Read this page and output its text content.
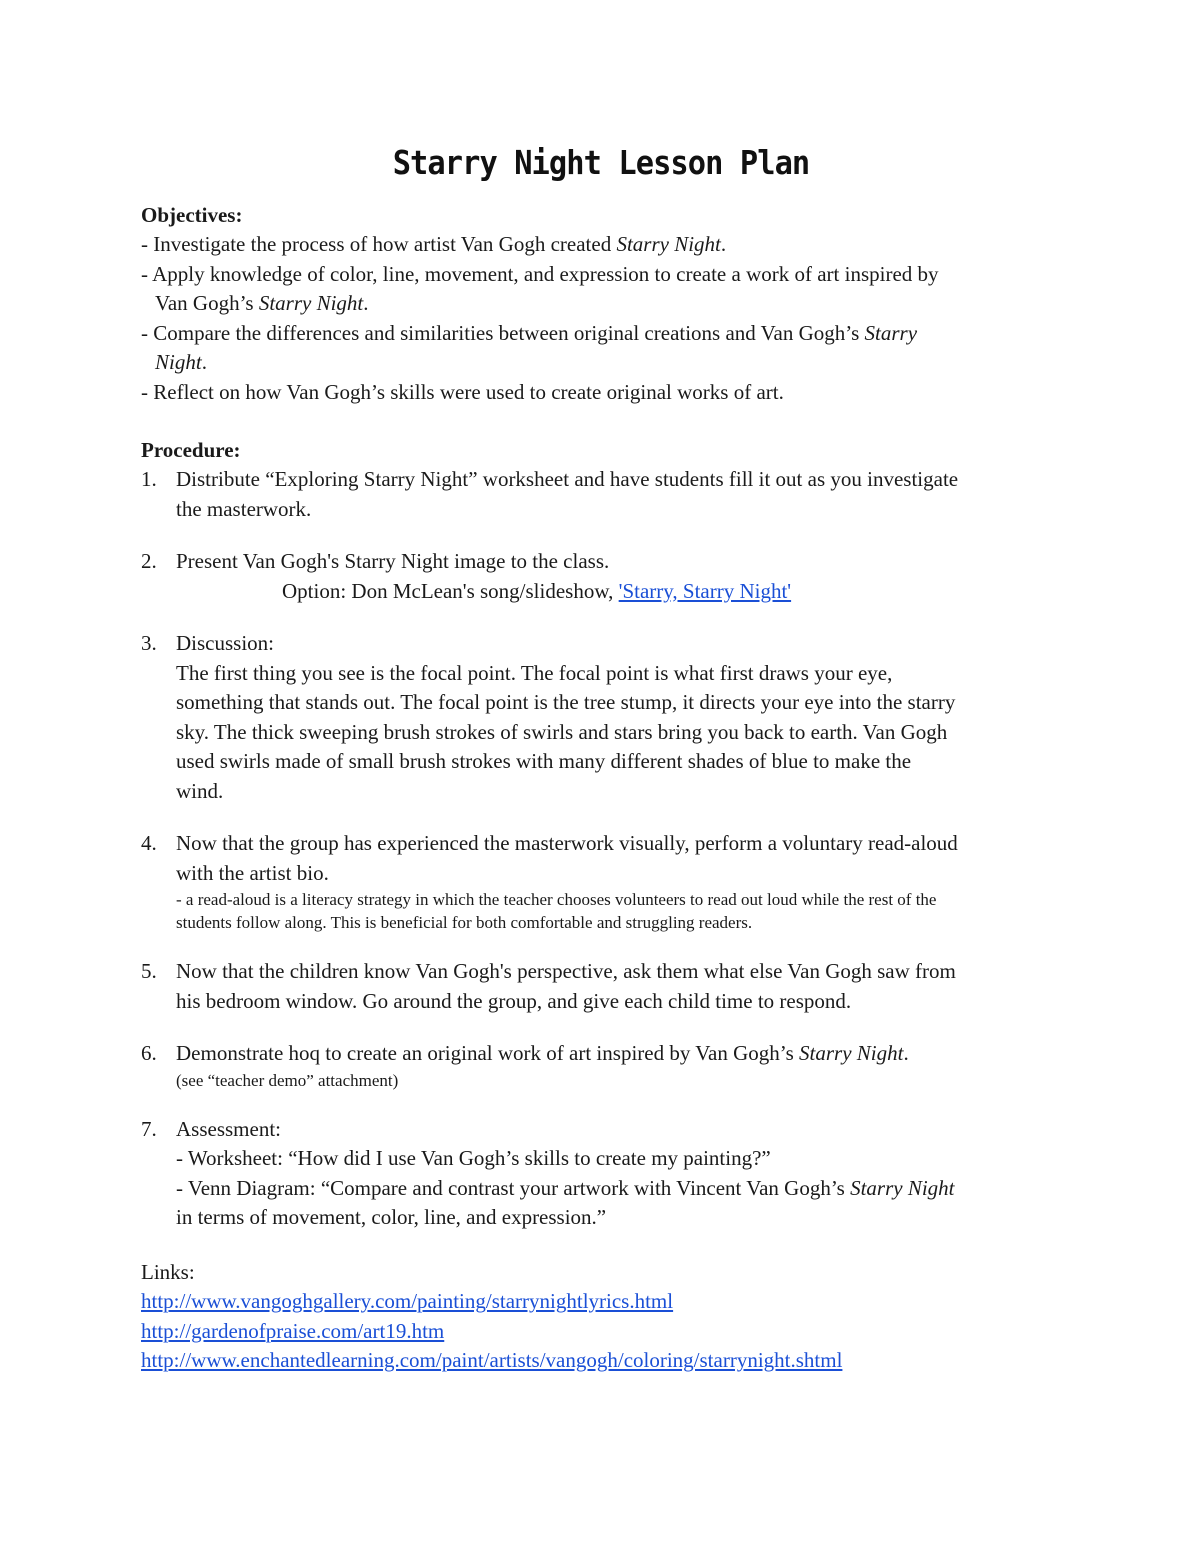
Starry Night Lesson Plan

Objectives:

- Investigate the process of how artist Van Gogh created Starry Night.

- Apply knowledge of color, line, movement, and expression to create a work of art inspired by

Van Gogh’s Starry Night.

- Compare the differences and similarities between original creations and Van Gogh’s Starry

Night.

- Reflect on how Van Gogh’s skills were used to create original works of art.

Procedure:

1. Distribute “Exploring Starry Night” worksheet and have students fill it out as you investigate
the masterwork.
2. Present Van Gogh's Starry Night image to the class.
Option: Don McLean's song/slideshow, 'Starry, Starry Night'
3. Discussion:
The first thing you see is the focal point. The focal point is what first draws your eye,
something that stands out. The focal point is the tree stump, it directs your eye into the starry
sky. The thick sweeping brush strokes of swirls and stars bring you back to earth. Van Gogh
used swirls made of small brush strokes with many different shades of blue to make the
wind.
4. Now that the group has experienced the masterwork visually, perform a voluntary read-aloud
with the artist bio.
- a read-aloud is a literacy strategy in which the teacher chooses volunteers to read out loud while the rest of the
students follow along. This is beneficial for both comfortable and struggling readers.
5. Now that the children know Van Gogh's perspective, ask them what else Van Gogh saw from
his bedroom window. Go around the group, and give each child time to respond.
6. Demonstrate hoq to create an original work of art inspired by Van Gogh’s Starry Night.
(see “teacher demo” attachment)
7. Assessment:
- Worksheet: “How did I use Van Gogh’s skills to create my painting?”
- Venn Diagram: “Compare and contrast your artwork with Vincent Van Gogh’s Starry Night
in terms of movement, color, line, and expression.”

Links:

http://www.vangoghgallery.com/painting/starrynightlyrics.html

http://gardenofpraise.com/art19.htm

http://www.enchantedlearning.com/paint/artists/vangogh/coloring/starrynight.shtml
